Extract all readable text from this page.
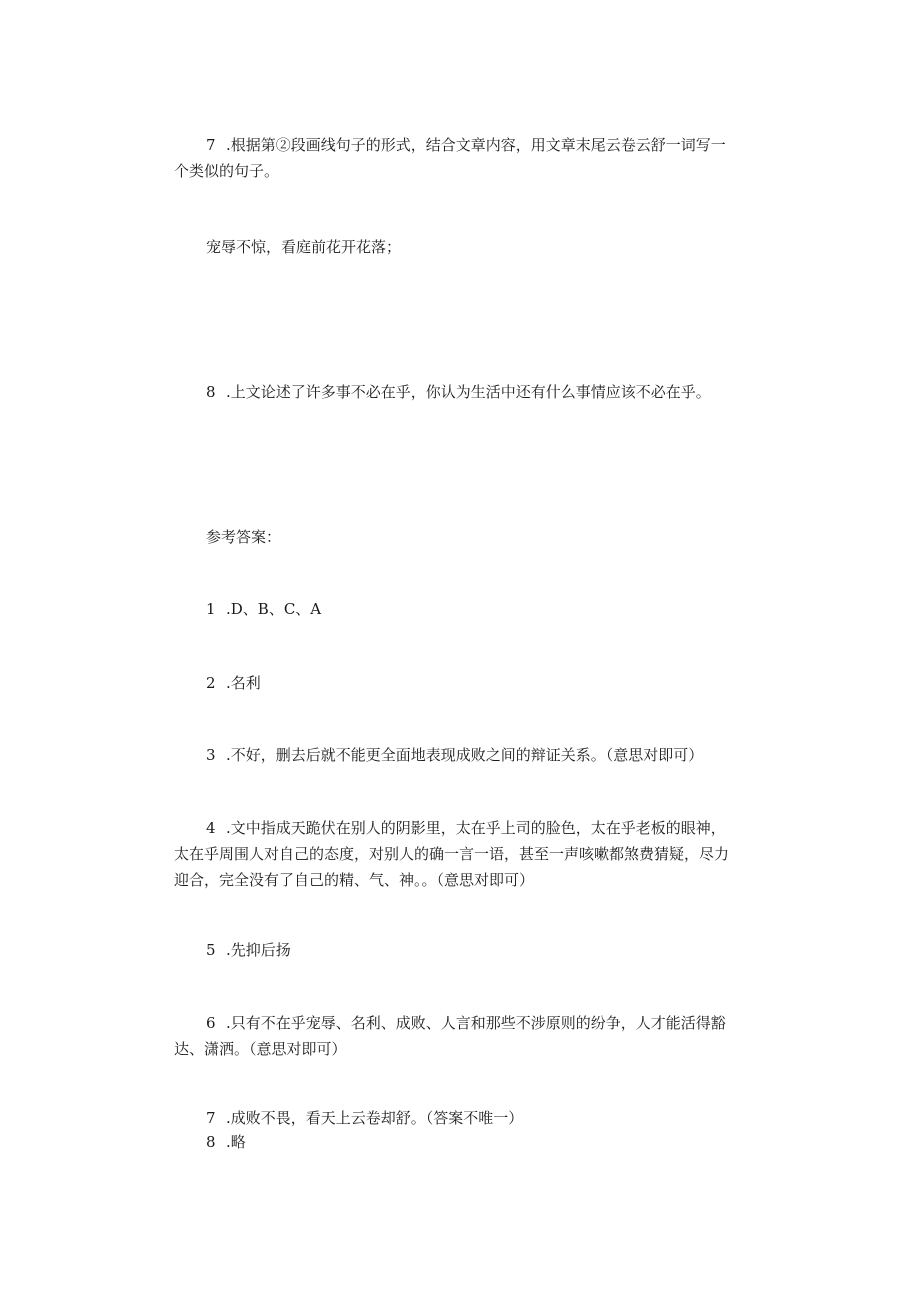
7 .根据第②段画线句子的形式，结合文章内容，用文章末尾云卷云舒一词写一
个类似的句子。
宠辱不惊，看庭前花开花落；
8 .上文论述了许多事不必在乎，你认为生活中还有什么事情应该不必在乎。
参考答案：
1 .D、B、C、A
2 .名利
3 .不好，删去后就不能更全面地表现成败之间的辩证关系。（意思对即可）
4 .文中指成天跪伏在别人的阴影里，太在乎上司的脸色，太在乎老板的眼神，
太在乎周围人对自己的态度，对别人的确一言一语，甚至一声咳嗽都煞费猜疑，尽力
迎合，完全没有了自己的精、气、神。。（意思对即可）
5 .先抑后扬
6 .只有不在乎宠辱、名利、成败、人言和那些不涉原则的纷争，人才能活得豁
达、潇洒。（意思对即可）
7 .成败不畏，看天上云卷却舒。（答案不唯一）
8 .略
